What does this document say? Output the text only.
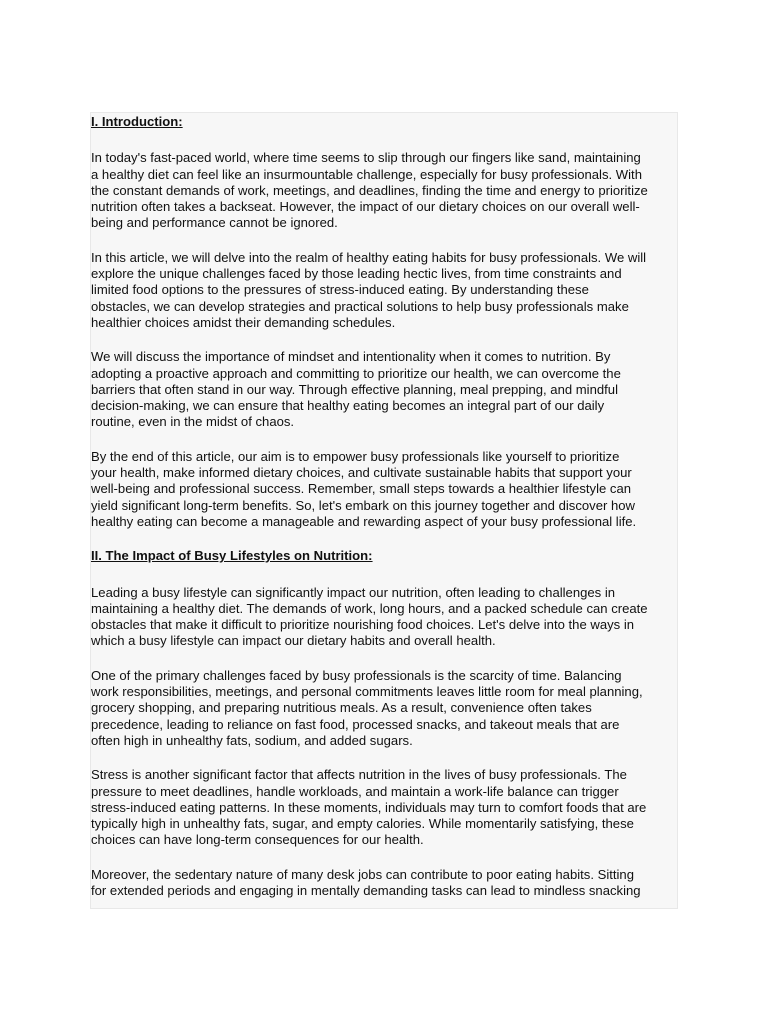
I. Introduction:
In today's fast-paced world, where time seems to slip through our fingers like sand, maintaining
a healthy diet can feel like an insurmountable challenge, especially for busy professionals. With
the constant demands of work, meetings, and deadlines, finding the time and energy to prioritize
nutrition often takes a backseat. However, the impact of our dietary choices on our overall well-
being and performance cannot be ignored.
In this article, we will delve into the realm of healthy eating habits for busy professionals. We will
explore the unique challenges faced by those leading hectic lives, from time constraints and
limited food options to the pressures of stress-induced eating. By understanding these
obstacles, we can develop strategies and practical solutions to help busy professionals make
healthier choices amidst their demanding schedules.
We will discuss the importance of mindset and intentionality when it comes to nutrition. By
adopting a proactive approach and committing to prioritize our health, we can overcome the
barriers that often stand in our way. Through effective planning, meal prepping, and mindful
decision-making, we can ensure that healthy eating becomes an integral part of our daily
routine, even in the midst of chaos.
By the end of this article, our aim is to empower busy professionals like yourself to prioritize
your health, make informed dietary choices, and cultivate sustainable habits that support your
well-being and professional success. Remember, small steps towards a healthier lifestyle can
yield significant long-term benefits. So, let's embark on this journey together and discover how
healthy eating can become a manageable and rewarding aspect of your busy professional life.
II. The Impact of Busy Lifestyles on Nutrition:
Leading a busy lifestyle can significantly impact our nutrition, often leading to challenges in
maintaining a healthy diet. The demands of work, long hours, and a packed schedule can create
obstacles that make it difficult to prioritize nourishing food choices. Let's delve into the ways in
which a busy lifestyle can impact our dietary habits and overall health.
One of the primary challenges faced by busy professionals is the scarcity of time. Balancing
work responsibilities, meetings, and personal commitments leaves little room for meal planning,
grocery shopping, and preparing nutritious meals. As a result, convenience often takes
precedence, leading to reliance on fast food, processed snacks, and takeout meals that are
often high in unhealthy fats, sodium, and added sugars.
Stress is another significant factor that affects nutrition in the lives of busy professionals. The
pressure to meet deadlines, handle workloads, and maintain a work-life balance can trigger
stress-induced eating patterns. In these moments, individuals may turn to comfort foods that are
typically high in unhealthy fats, sugar, and empty calories. While momentarily satisfying, these
choices can have long-term consequences for our health.
Moreover, the sedentary nature of many desk jobs can contribute to poor eating habits. Sitting
for extended periods and engaging in mentally demanding tasks can lead to mindless snacking
